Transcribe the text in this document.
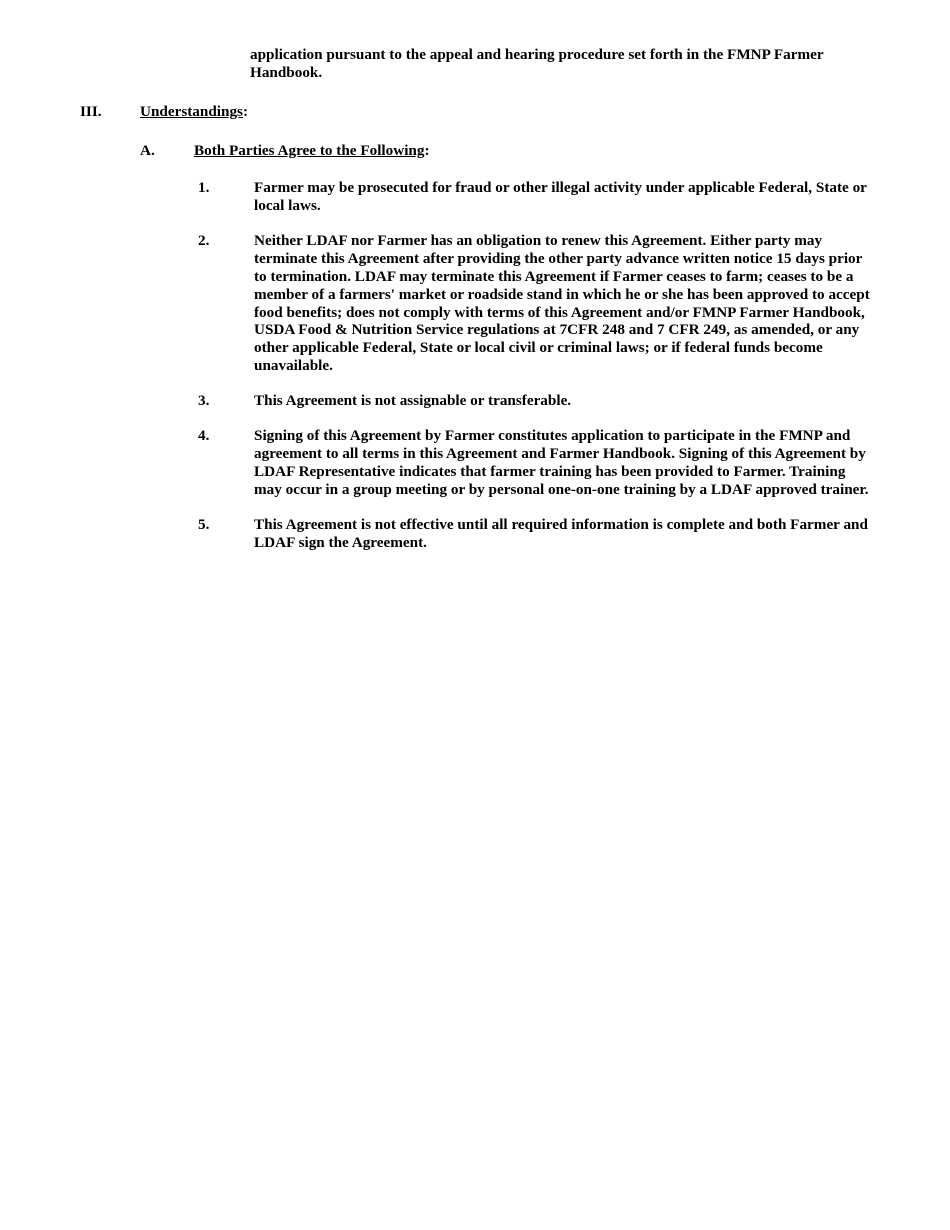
application pursuant to the appeal and hearing procedure set forth in the FMNP Farmer Handbook.
III.	Understandings:
A.	Both Parties Agree to the Following:
1.	Farmer may be prosecuted for fraud or other illegal activity under applicable Federal, State or local laws.
2.	Neither LDAF nor Farmer has an obligation to renew this Agreement. Either party may terminate this Agreement after providing the other party advance written notice 15 days prior to termination. LDAF may terminate this Agreement if Farmer ceases to farm; ceases to be a member of a farmers' market or roadside stand in which he or she has been approved to accept food benefits; does not comply with terms of this Agreement and/or FMNP Farmer Handbook, USDA Food & Nutrition Service regulations at 7CFR 248 and 7 CFR 249, as amended, or any other applicable Federal, State or local civil or criminal laws; or if federal funds become unavailable.
3.	This Agreement is not assignable or transferable.
4.	Signing of this Agreement by Farmer constitutes application to participate in the FMNP and agreement to all terms in this Agreement and Farmer Handbook. Signing of this Agreement by LDAF Representative indicates that farmer training has been provided to Farmer. Training may occur in a group meeting or by personal one-on-one training by a LDAF approved trainer.
5.	This Agreement is not effective until all required information is complete and both Farmer and LDAF sign the Agreement.
